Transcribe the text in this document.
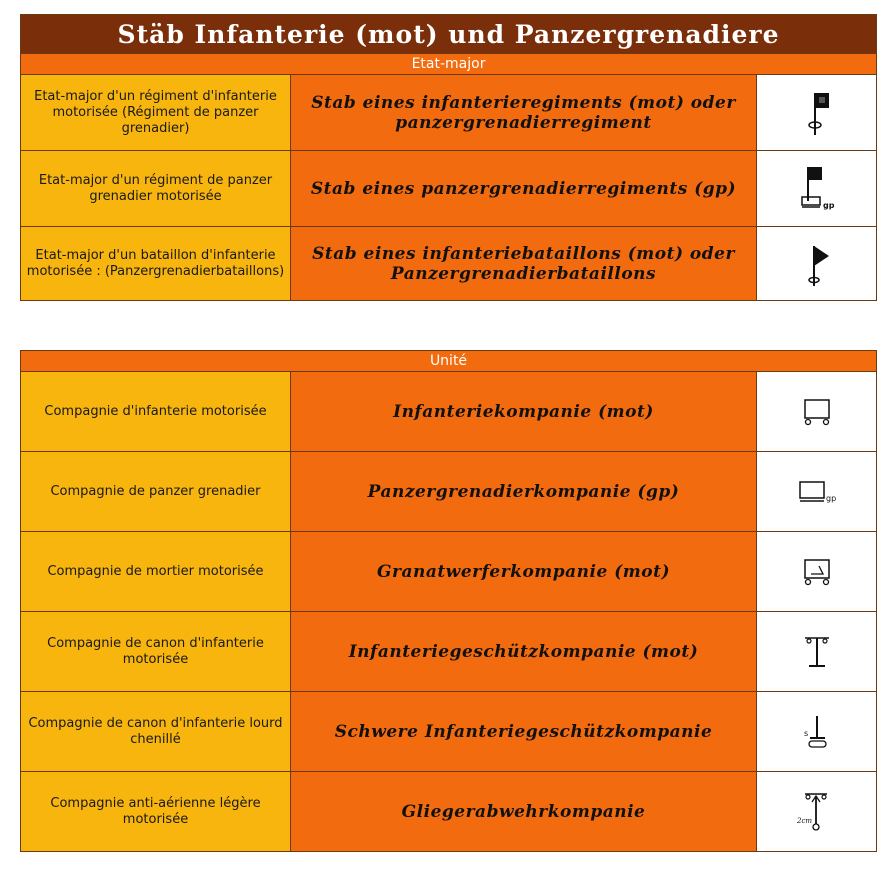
Stäb Infanterie (mot) und Panzergrenadiere		
Etat-major		
Etat-major d'un régiment d'infanterie motorisée (Régiment de panzer grenadier)	Stab eines infanterieregiments (mot) oder panzergrenadierregiment	
Etat-major d'un régiment de panzer grenadier motorisée	Stab eines panzergrenadierregiments (gp)	gp

Etat-major d'un bataillon d'infanterie motorisée : (Panzergrenadierbataillons)	Stab eines infanteriebataillons (mot) oder Panzergrenadierbataillons	
Unité		
Compagnie d'infanterie motorisée	Infanteriekompanie (mot)	
Compagnie de panzer grenadier	Panzergrenadierkompanie (gp)	gp

Compagnie de mortier motorisée	Granatwerferkompanie (mot)	
Compagnie de canon d'infanterie motorisée	Infanteriegeschützkompanie (mot)	
Compagnie de canon d'infanterie lourd chenillé	Schwere Infanteriegeschützkompanie	s

Compagnie anti-aérienne légère motorisée	Gliegerabwehrkompanie	2cm
